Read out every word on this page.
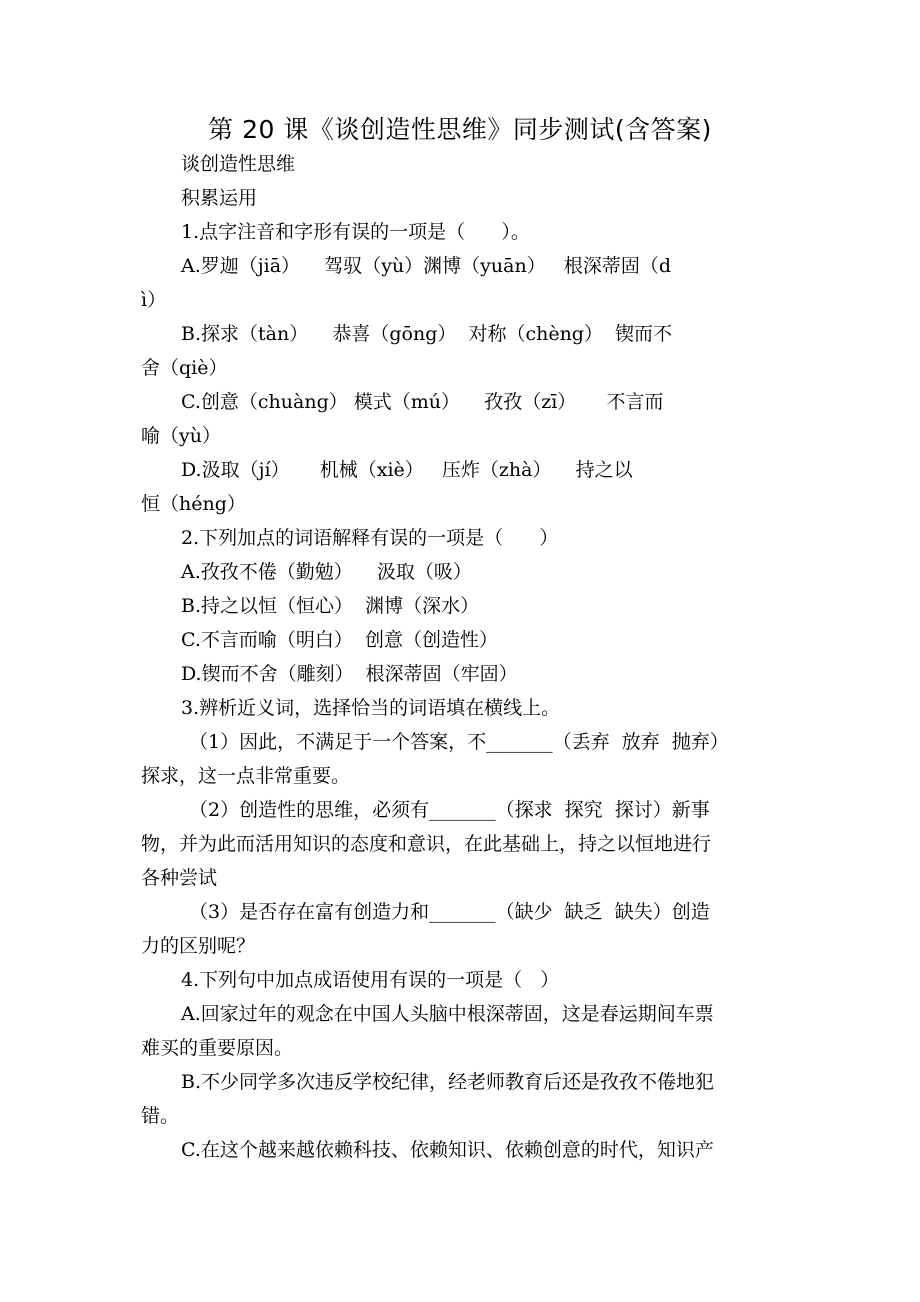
第 20 课《谈创造性思维》同步测试(含答案)
谈创造性思维
积累运用
1.点字注音和字形有误的一项是（      ）。
A.罗迦（jiā）    驾驭（yù）渊博（yuān）   根深蒂固（d
ì）
B.探求（tàn）    恭喜（gōng）  对称（chèng）  锲而不
舍（qiè）
C.创意（chuàng） 模式（mú）    孜孜（zī）     不言而
喻（yù）
D.汲取（jí）     机械（xiè）   压炸（zhà）    持之以
恒（héng）
2.下列加点的词语解释有误的一项是（      ）
A.孜孜不倦（勤勉）    汲取（吸）
B.持之以恒（恒心）  渊博（深水）
C.不言而喻（明白）  创意（创造性）
D.锲而不舍（雕刻）  根深蒂固（牢固）
3.辨析近义词，选择恰当的词语填在横线上。
（1）因此，不满足于一个答案，不_______（丢弃  放弃  抛弃）
探求，这一点非常重要。
（2）创造性的思维，必须有_______（探求  探究  探讨）新事
物，并为此而活用知识的态度和意识，在此基础上，持之以恒地进行
各种尝试
（3）是否存在富有创造力和_______（缺少  缺乏  缺失）创造
力的区别呢？
4.下列句中加点成语使用有误的一项是（   ）
A.回家过年的观念在中国人头脑中根深蒂固，这是春运期间车票
难买的重要原因。
B.不少同学多次违反学校纪律，经老师教育后还是孜孜不倦地犯
错。
C.在这个越来越依赖科技、依赖知识、依赖创意的时代，知识产
